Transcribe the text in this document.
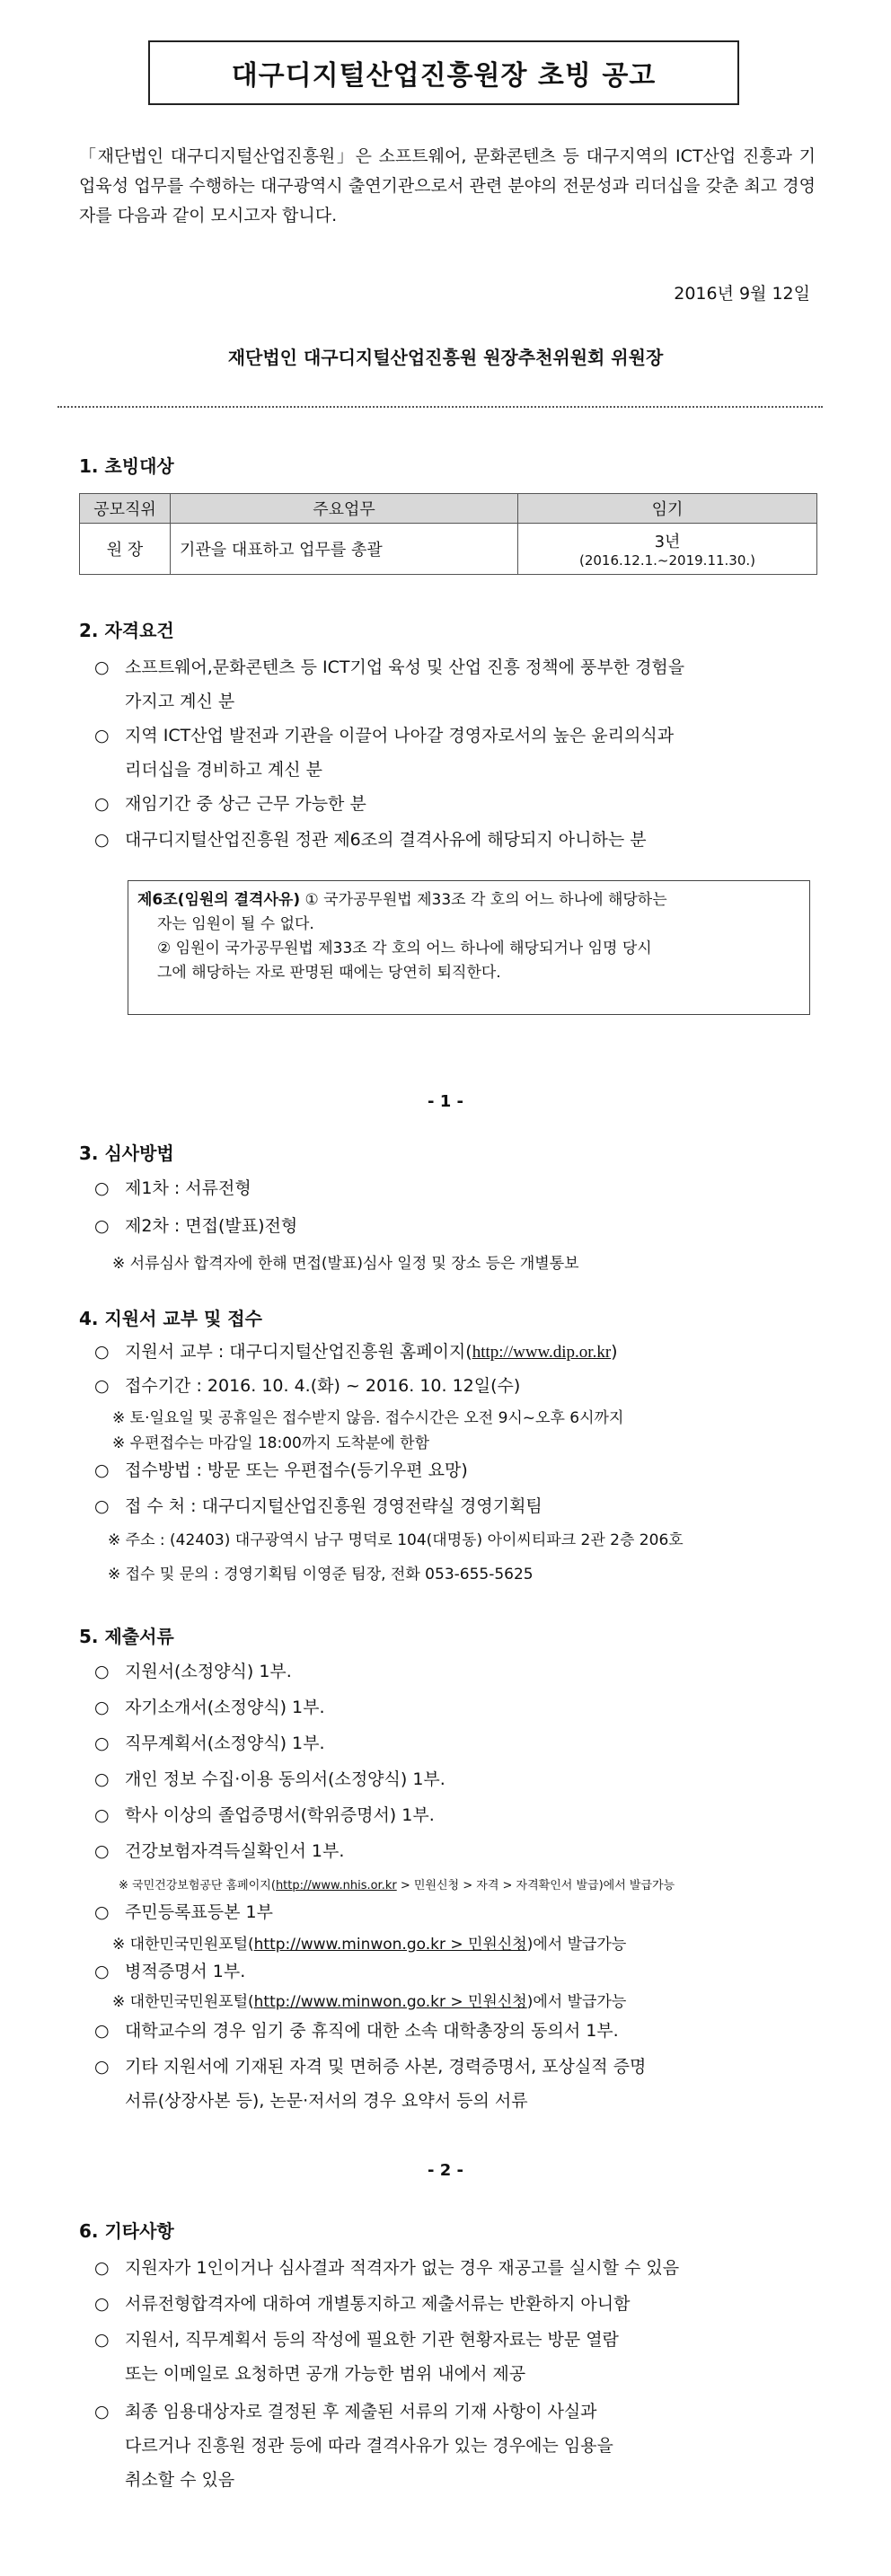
대구디지털산업진흥원장 초빙 공고
「재단법인 대구디지털산업진흥원」은 소프트웨어, 문화콘텐츠 등 대구지역의 ICT산업 진흥과 기업육성 업무를 수행하는 대구광역시 출연기관으로서 관련 분야의 전문성과 리더십을 갖춘 최고 경영자를 다음과 같이 모시고자 합니다.
2016년 9월 12일
재단법인 대구디지털산업진흥원 원장추천위원회 위원장
1. 초빙대상
공모직위	주요업무	임기
원 장	기관을 대표하고 업무를 총괄	3년
(2016.12.1.~2019.11.30.)
2. 자격요건
○ 소프트웨어,문화콘텐츠 등 ICT기업 육성 및 산업 진흥 정책에 풍부한 경험을
가지고 계신 분
○ 지역 ICT산업 발전과 기관을 이끌어 나아갈 경영자로서의 높은 윤리의식과
리더십을 경비하고 계신 분
○ 재임기간 중 상근 근무 가능한 분
○ 대구디지털산업진흥원 정관 제6조의 결격사유에 해당되지 아니하는 분
제6조(임원의 결격사유) ① 국가공무원법 제33조 각 호의 어느 하나에 해당하는
자는 임원이 될 수 없다.
② 임원이 국가공무원법 제33조 각 호의 어느 하나에 해당되거나 임명 당시
그에 해당하는 자로 판명된 때에는 당연히 퇴직한다.
- 1 -
3. 심사방법
○ 제1차 : 서류전형
○ 제2차 : 면접(발표)전형
※ 서류심사 합격자에 한해 면접(발표)심사 일정 및 장소 등은 개별통보
4. 지원서 교부 및 접수
○ 지원서 교부 : 대구디지털산업진흥원 홈페이지(http://www.dip.or.kr)
○ 접수기간 : 2016. 10. 4.(화) ~ 2016. 10. 12일(수)
※ 토·일요일 및 공휴일은 접수받지 않음. 접수시간은 오전 9시~오후 6시까지
※ 우편접수는 마감일 18:00까지 도착분에 한함
○ 접수방법 : 방문 또는 우편접수(등기우편 요망)
○ 접 수 처 : 대구디지털산업진흥원 경영전략실 경영기획팀
※ 주소 : (42403) 대구광역시 남구 명덕로 104(대명동) 아이씨티파크 2관 2층 206호
※ 접수 및 문의 : 경영기획팀 이영준 팀장, 전화 053-655-5625
5. 제출서류
○ 지원서(소정양식) 1부.
○ 자기소개서(소정양식) 1부.
○ 직무계획서(소정양식) 1부.
○ 개인 정보 수집·이용 동의서(소정양식) 1부.
○ 학사 이상의 졸업증명서(학위증명서) 1부.
○ 건강보험자격득실확인서 1부.
※ 국민건강보험공단 홈페이지(http://www.nhis.or.kr > 민원신청 > 자격 > 자격확인서 발급)에서 발급가능
○ 주민등록표등본 1부
※ 대한민국민원포털(http://www.minwon.go.kr > 민원신청)에서 발급가능
○ 병적증명서 1부.
※ 대한민국민원포털(http://www.minwon.go.kr > 민원신청)에서 발급가능
○ 대학교수의 경우 임기 중 휴직에 대한 소속 대학총장의 동의서 1부.
○ 기타 지원서에 기재된 자격 및 면허증 사본, 경력증명서, 포상실적 증명
서류(상장사본 등), 논문·저서의 경우 요약서 등의 서류
- 2 -
6. 기타사항
○ 지원자가 1인이거나 심사결과 적격자가 없는 경우 재공고를 실시할 수 있음
○ 서류전형합격자에 대하여 개별통지하고 제출서류는 반환하지 아니함
○ 지원서, 직무계획서 등의 작성에 필요한 기관 현황자료는 방문 열람
또는 이메일로 요청하면 공개 가능한 범위 내에서 제공
○ 최종 임용대상자로 결정된 후 제출된 서류의 기재 사항이 사실과
다르거나 진흥원 정관 등에 따라 결격사유가 있는 경우에는 임용을
취소할 수 있음
